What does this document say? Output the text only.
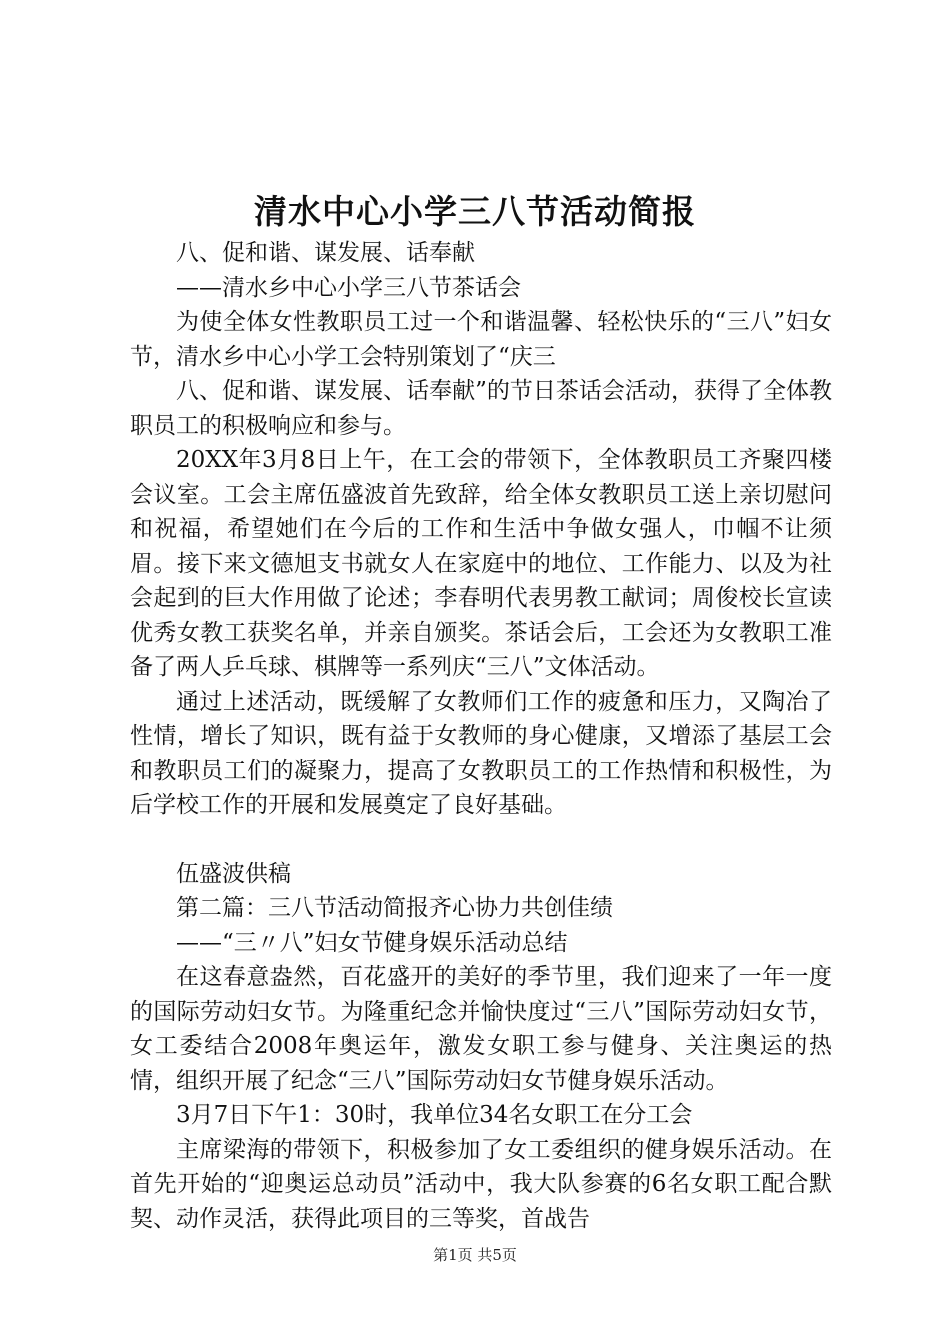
清水中心小学三八节活动简报

八、促和谐、谋发展、话奉献

——清水乡中心小学三八节茶话会

为使全体女性教职员工过一个和谐温馨、轻松快乐的“三八”妇女节，清水乡中心小学工会特别策划了“庆三

八、促和谐、谋发展、话奉献”的节日茶话会活动，获得了全体教职员工的积极响应和参与。

20XX年3月8日上午，在工会的带领下，全体教职员工齐聚四楼会议室。工会主席伍盛波首先致辞，给全体女教职员工送上亲切慰问和祝福，希望她们在今后的工作和生活中争做女强人，巾帼不让须眉。接下来文德旭支书就女人在家庭中的地位、工作能力、以及为社会起到的巨大作用做了论述；李春明代表男教工献词；周俊校长宣读优秀女教工获奖名单，并亲自颁奖。茶话会后，工会还为女教职工准备了两人乒乓球、棋牌等一系列庆“三八”文体活动。

通过上述活动，既缓解了女教师们工作的疲惫和压力，又陶冶了性情，增长了知识，既有益于女教师的身心健康，又增添了基层工会和教职员工们的凝聚力，提高了女教职员工的工作热情和积极性，为后学校工作的开展和发展奠定了良好基础。

伍盛波供稿

第二篇：三八节活动简报齐心协力共创佳绩

——“三〃八”妇女节健身娱乐活动总结

在这春意盎然，百花盛开的美好的季节里，我们迎来了一年一度的国际劳动妇女节。为隆重纪念并愉快度过“三八”国际劳动妇女节，女工委结合2008年奥运年，激发女职工参与健身、关注奥运的热情，组织开展了纪念“三八”国际劳动妇女节健身娱乐活动。

3月7日下午1：30时，我单位34名女职工在分工会

主席梁海的带领下，积极参加了女工委组织的健身娱乐活动。在首先开始的“迎奥运总动员”活动中，我大队参赛的6名女职工配合默契、动作灵活，获得此项目的三等奖，首战告

第1页 共5页
